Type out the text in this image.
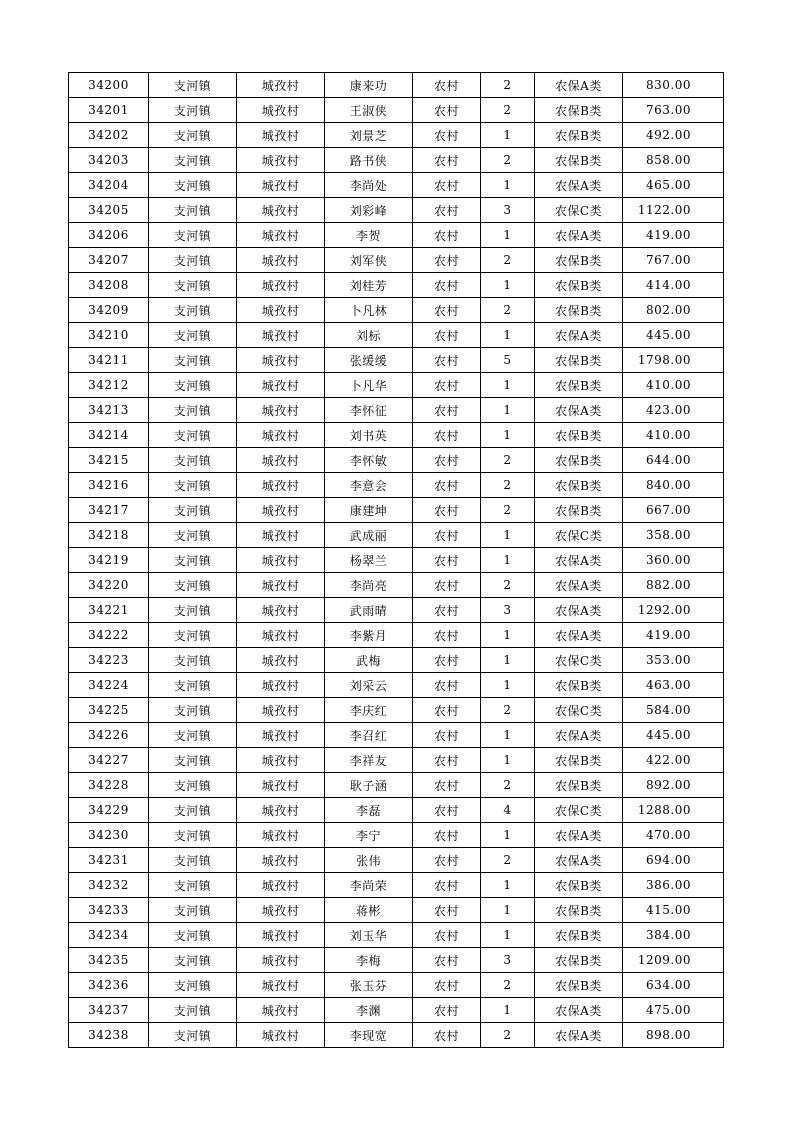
34200	支河镇	城孜村	康来功	农村	2	农保A类	830.00
34201	支河镇	城孜村	王淑侠	农村	2	农保B类	763.00
34202	支河镇	城孜村	刘景芝	农村	1	农保B类	492.00
34203	支河镇	城孜村	路书侠	农村	2	农保B类	858.00
34204	支河镇	城孜村	李尚处	农村	1	农保A类	465.00
34205	支河镇	城孜村	刘彩峰	农村	3	农保C类	1122.00
34206	支河镇	城孜村	李贺	农村	1	农保A类	419.00
34207	支河镇	城孜村	刘军侠	农村	2	农保B类	767.00
34208	支河镇	城孜村	刘桂芳	农村	1	农保B类	414.00
34209	支河镇	城孜村	卜凡林	农村	2	农保B类	802.00
34210	支河镇	城孜村	刘标	农村	1	农保A类	445.00
34211	支河镇	城孜村	张缓缓	农村	5	农保B类	1798.00
34212	支河镇	城孜村	卜凡华	农村	1	农保B类	410.00
34213	支河镇	城孜村	李怀征	农村	1	农保A类	423.00
34214	支河镇	城孜村	刘书英	农村	1	农保B类	410.00
34215	支河镇	城孜村	李怀敏	农村	2	农保B类	644.00
34216	支河镇	城孜村	李意会	农村	2	农保B类	840.00
34217	支河镇	城孜村	康建坤	农村	2	农保B类	667.00
34218	支河镇	城孜村	武成丽	农村	1	农保C类	358.00
34219	支河镇	城孜村	杨翠兰	农村	1	农保A类	360.00
34220	支河镇	城孜村	李尚亮	农村	2	农保A类	882.00
34221	支河镇	城孜村	武雨晴	农村	3	农保A类	1292.00
34222	支河镇	城孜村	李紫月	农村	1	农保A类	419.00
34223	支河镇	城孜村	武梅	农村	1	农保C类	353.00
34224	支河镇	城孜村	刘采云	农村	1	农保B类	463.00
34225	支河镇	城孜村	李庆红	农村	2	农保C类	584.00
34226	支河镇	城孜村	李召红	农村	1	农保A类	445.00
34227	支河镇	城孜村	李祥友	农村	1	农保B类	422.00
34228	支河镇	城孜村	耿子涵	农村	2	农保B类	892.00
34229	支河镇	城孜村	李磊	农村	4	农保C类	1288.00
34230	支河镇	城孜村	李宁	农村	1	农保A类	470.00
34231	支河镇	城孜村	张伟	农村	2	农保A类	694.00
34232	支河镇	城孜村	李尚荣	农村	1	农保B类	386.00
34233	支河镇	城孜村	蒋彬	农村	1	农保B类	415.00
34234	支河镇	城孜村	刘玉华	农村	1	农保B类	384.00
34235	支河镇	城孜村	李梅	农村	3	农保B类	1209.00
34236	支河镇	城孜村	张玉芬	农村	2	农保B类	634.00
34237	支河镇	城孜村	李渊	农村	1	农保A类	475.00
34238	支河镇	城孜村	李现宽	农村	2	农保A类	898.00
